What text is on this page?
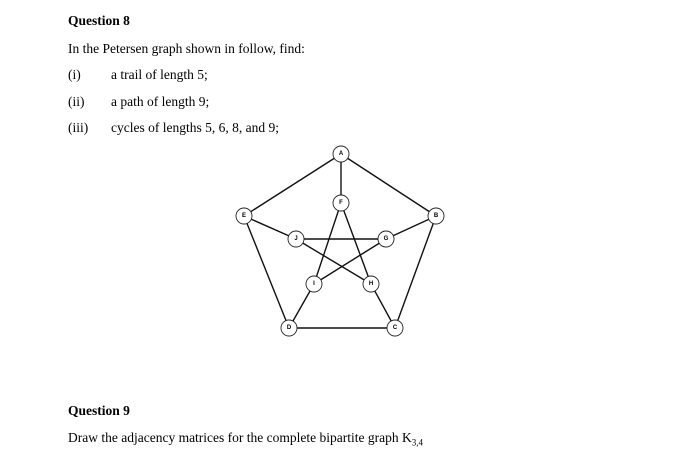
Question 8
In the Petersen graph shown in follow, find:
(i) a trail of length 5;
(ii) a path of length 9;
(iii) cycles of lengths 5, 6, 8, and 9;
A
B
C
D
E
F
G
H
I
J
Question 9
Draw the adjacency matrices for the complete bipartite graph $K_{3,4}$
